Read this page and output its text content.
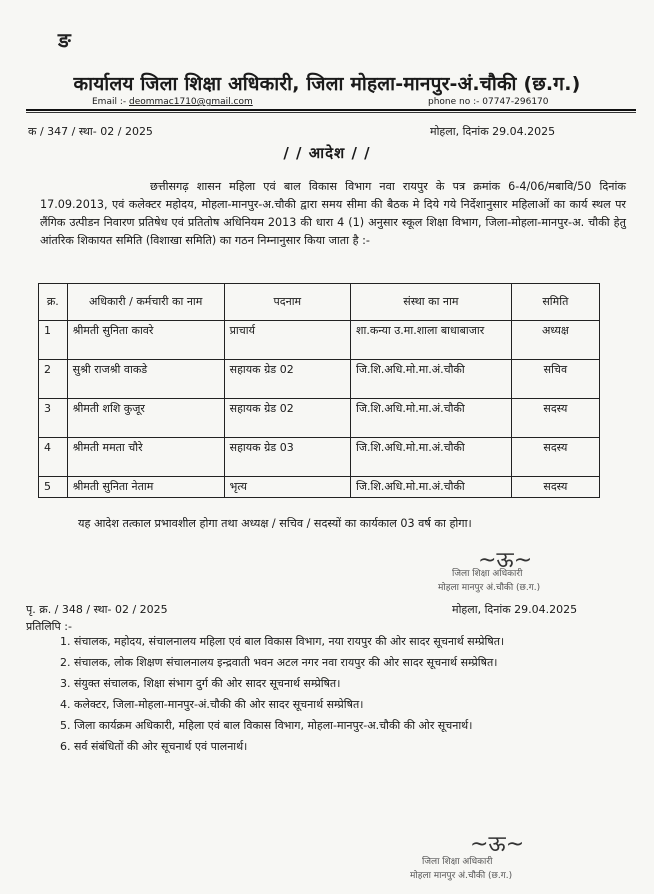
ङ
कार्यालय जिला शिक्षा अधिकारी, जिला मोहला-मानपुर-अं.चौकी (छ.ग.)
Email :- deommac1710@gmail.com	phone no :- 07747-296170
क / 347 / स्था- 02 / 2025	मोहला, दिनांक 29.04.2025
/ / आदेश / /
छत्तीसगढ़ शासन महिला एवं बाल विकास विभाग नवा रायपुर के पत्र क्रमांक 6-4/06/मबावि/50 दिनांक 17.09.2013, एवं कलेक्टर महोदय, मोहला-मानपुर-अ.चौकी द्वारा समय सीमा की बैठक मे दिये गये निर्देशानुसार महिलाओं का कार्य स्थल पर लैंगिक उत्पीडन निवारण प्रतिषेध एवं प्रतितोष अधिनियम 2013 की धारा 4 (1) अनुसार स्कूल शिक्षा विभाग, जिला-मोहला-मानपुर-अ. चौकी हेतु आंतरिक शिकायत समिति (विशाखा समिति) का गठन निम्नानुसार किया जाता है :-
क्र.	अधिकारी / कर्मचारी का नाम	पदनाम	संस्था का नाम	समिति
1	श्रीमती सुनिता कावरे	प्राचार्य	शा.कन्या उ.मा.शाला बाधाबाजार	अध्यक्ष
2	सुश्री राजश्री वाकडे	सहायक ग्रेड 02	जि.शि.अधि.मो.मा.अं.चौकी	सचिव
3	श्रीमती शशि कुजूर	सहायक ग्रेड 02	जि.शि.अधि.मो.मा.अं.चौकी	सदस्य
4	श्रीमती ममता चौरे	सहायक ग्रेड 03	जि.शि.अधि.मो.मा.अं.चौकी	सदस्य
5	श्रीमती सुनिता नेताम	भृत्य	जि.शि.अधि.मो.मा.अं.चौकी	सदस्य
यह आदेश तत्काल प्रभावशील होगा तथा अध्यक्ष / सचिव / सदस्यों का कार्यकाल 03 वर्ष का होगा।
~ऊ~
जिला शिक्षा अधिकारी
मोहला मानपुर अं.चौकी (छ.ग.)
पृ. क्र. / 348 / स्था- 02 / 2025	मोहला, दिनांक 29.04.2025
प्रतिलिपि :-
1. संचालक, महोदय, संचालनालय महिला एवं बाल विकास विभाग, नया रायपुर की ओर सादर सूचनार्थ सम्प्रेषित।
2. संचालक, लोक शिक्षण संचालनालय इन्द्रवाती भवन अटल नगर नवा रायपुर की ओर सादर सूचनार्थ सम्प्रेषित।
3. संयुक्त संचालक, शिक्षा संभाग दुर्ग की ओर सादर सूचनार्थ सम्प्रेषित।
4. कलेक्टर, जिला-मोहला-मानपुर-अं.चौकी की ओर सादर सूचनार्थ सम्प्रेषित।
5. जिला कार्यक्रम अधिकारी, महिला एवं बाल विकास विभाग, मोहला-मानपुर-अ.चौकी की ओर सूचनार्थ।
6. सर्व संबंधितों की ओर सूचनार्थ एवं पालनार्थ।
~ऊ~
जिला शिक्षा अधिकारी
मोहला मानपुर अं.चौकी (छ.ग.)
